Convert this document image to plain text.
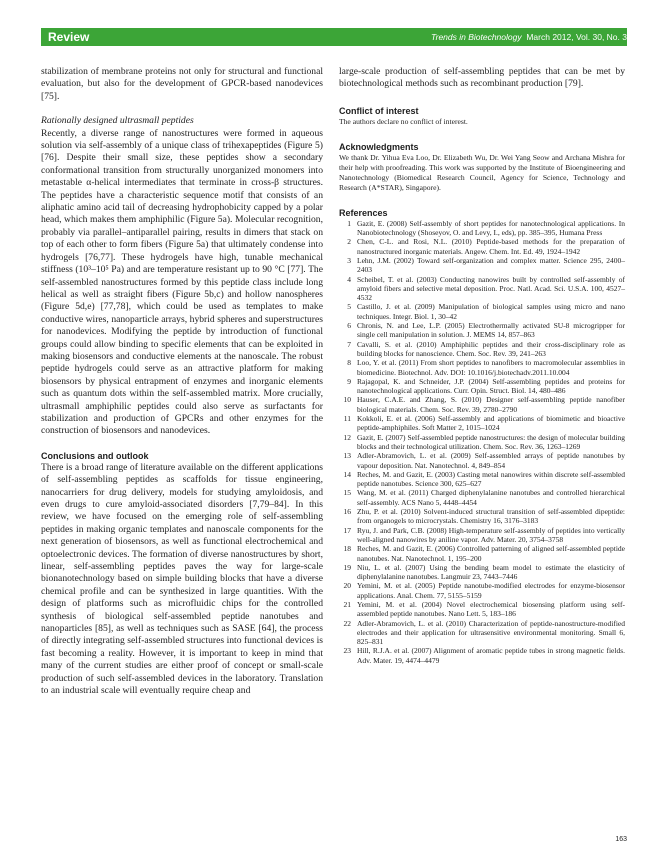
Review	Trends in Biotechnology March 2012, Vol. 30, No. 3

stabilization of membrane proteins not only for structural and functional evaluation, but also for the development of GPCR-based nanodevices [75].

Rationally designed ultrasmall peptides

Recently, a diverse range of nanostructures were formed in aqueous solution via self-assembly of a unique class of trihexapeptides (Figure 5) [76]. Despite their small size, these peptides show a secondary conformational transition from structurally unorganized monomers into metastable α-helical intermediates that terminate in cross-β structures. The peptides have a characteristic sequence motif that consists of an aliphatic amino acid tail of decreasing hydrophobicity capped by a polar head, which makes them amphiphilic (Figure 5a). Molecular recognition, probably via parallel–antiparallel pairing, results in dimers that stack on top of each other to form fibers (Figure 5a) that ultimately condense into hydrogels [76,77]. These hydrogels have high, tunable mechanical stiffness (10³–10⁵ Pa) and are temperature resistant up to 90 °C [77]. The self-assembled nanostructures formed by this peptide class include long helical as well as straight fibers (Figure 5b,c) and hollow nanospheres (Figure 5d,e) [77,78], which could be used as templates to make conductive wires, nanoparticle arrays, hybrid spheres and superstructures for nanodevices. Modifying the peptide by introduction of functional groups could allow binding to specific elements that can be exploited in making biosensors and conductive elements at the nanoscale. The robust peptide hydrogels could serve as an attractive platform for making biosensors by physical entrapment of enzymes and inorganic elements such as quantum dots within the self-assembled matrix. More crucially, ultrasmall amphiphilic peptides could also serve as surfactants for stabilization and production of GPCRs and other enzymes for the construction of biosensors and nanodevices.

Conclusions and outlook

There is a broad range of literature available on the different applications of self-assembling peptides as scaffolds for tissue engineering, nanocarriers for drug delivery, models for studying amyloidosis, and even drugs to cure amyloid-associated disorders [7,79–84]. In this review, we have focused on the emerging role of self-assembling peptides in making organic templates and nanoscale components for the next generation of biosensors, as well as functional electrochemical and optoelectronic devices. The formation of diverse nanostructures by short, linear, self-assembling peptides paves the way for large-scale bionanotechnology based on simple building blocks that have a diverse chemical profile and can be synthesized in large quantities. With the design of platforms such as microfluidic chips for the controlled synthesis of biological self-assembled peptide nanotubes and nanoparticles [85], as well as techniques such as SASE [64], the process of directly integrating self-assembled structures into functional devices is fast becoming a reality. However, it is important to keep in mind that many of the current studies are either proof of concept or small-scale production of such self-assembled devices in the laboratory. Translation to an industrial scale will eventually require cheap and

large-scale production of self-assembling peptides that can be met by biotechnological methods such as recombinant production [79].

Conflict of interest

The authors declare no conflict of interest.

Acknowledgments

We thank Dr. Yihua Eva Loo, Dr. Elizabeth Wu, Dr. Wei Yang Seow and Archana Mishra for their help with proofreading. This work was supported by the Institute of Bioengineering and Nanotechnology (Biomedical Research Council, Agency for Science, Technology and Research (A*STAR), Singapore).

References
1 Gazit, E. (2008) Self-assembly of short peptides for nanotechnological applications. In Nanobiotechnology (Shoseyov, O. and Levy, I., eds), pp. 385–395, Humana Press
2 Chen, C-L. and Rosi, N.L. (2010) Peptide-based methods for the preparation of nanostructured inorganic materials. Angew. Chem. Int. Ed. 49, 1924–1942
3 Lehn, J.M. (2002) Toward self-organization and complex matter. Science 295, 2400–2403
4 Scheibel, T. et al. (2003) Conducting nanowires built by controlled self-assembly of amyloid fibers and selective metal deposition. Proc. Natl. Acad. Sci. U.S.A. 100, 4527–4532
5 Castillo, J. et al. (2009) Manipulation of biological samples using micro and nano techniques. Integr. Biol. 1, 30–42
6 Chronis, N. and Lee, L.P. (2005) Electrothermally activated SU-8 microgripper for single cell manipulation in solution. J. MEMS 14, 857–863
7 Cavalli, S. et al. (2010) Amphiphilic peptides and their cross-disciplinary role as building blocks for nanoscience. Chem. Soc. Rev. 39, 241–263
8 Loo, Y. et al. (2011) From short peptides to nanofibers to macromolecular assemblies in biomedicine. Biotechnol. Adv. DOI: 10.1016/j.biotechadv.2011.10.004
9 Rajagopal, K. and Schneider, J.P. (2004) Self-assembling peptides and proteins for nanotechnological applications. Curr. Opin. Struct. Biol. 14, 480–486
10 Hauser, C.A.E. and Zhang, S. (2010) Designer self-assembling peptide nanofiber biological materials. Chem. Soc. Rev. 39, 2780–2790
11 Kokkoli, E. et al. (2006) Self-assembly and applications of biomimetic and bioactive peptide-amphiphiles. Soft Matter 2, 1015–1024
12 Gazit, E. (2007) Self-assembled peptide nanostructures: the design of molecular building blocks and their technological utilization. Chem. Soc. Rev. 36, 1263–1269
13 Adler-Abramovich, L. et al. (2009) Self-assembled arrays of peptide nanotubes by vapour deposition. Nat. Nanotechnol. 4, 849–854
14 Reches, M. and Gazit, E. (2003) Casting metal nanowires within discrete self-assembled peptide nanotubes. Science 300, 625–627
15 Wang, M. et al. (2011) Charged diphenylalanine nanotubes and controlled hierarchical self-assembly. ACS Nano 5, 4448–4454
16 Zhu, P. et al. (2010) Solvent-induced structural transition of self-assembled dipeptide: from organogels to microcrystals. Chemistry 16, 3176–3183
17 Ryu, J. and Park, C.B. (2008) High-temperature self-assembly of peptides into vertically well-aligned nanowires by aniline vapor. Adv. Mater. 20, 3754–3758
18 Reches, M. and Gazit, E. (2006) Controlled patterning of aligned self-assembled peptide nanotubes. Nat. Nanotechnol. 1, 195–200
19 Niu, L. et al. (2007) Using the bending beam model to estimate the elasticity of diphenylalanine nanotubes. Langmuir 23, 7443–7446
20 Yemini, M. et al. (2005) Peptide nanotube-modified electrodes for enzyme-biosensor applications. Anal. Chem. 77, 5155–5159
21 Yemini, M. et al. (2004) Novel electrochemical biosensing platform using self-assembled peptide nanotubes. Nano Lett. 5, 183–186
22 Adler-Abramovich, L. et al. (2010) Characterization of peptide-nanostructure-modified electrodes and their application for ultrasensitive environmental monitoring. Small 6, 825–831
23 Hill, R.J.A. et al. (2007) Alignment of aromatic peptide tubes in strong magnetic fields. Adv. Mater. 19, 4474–4479
163
